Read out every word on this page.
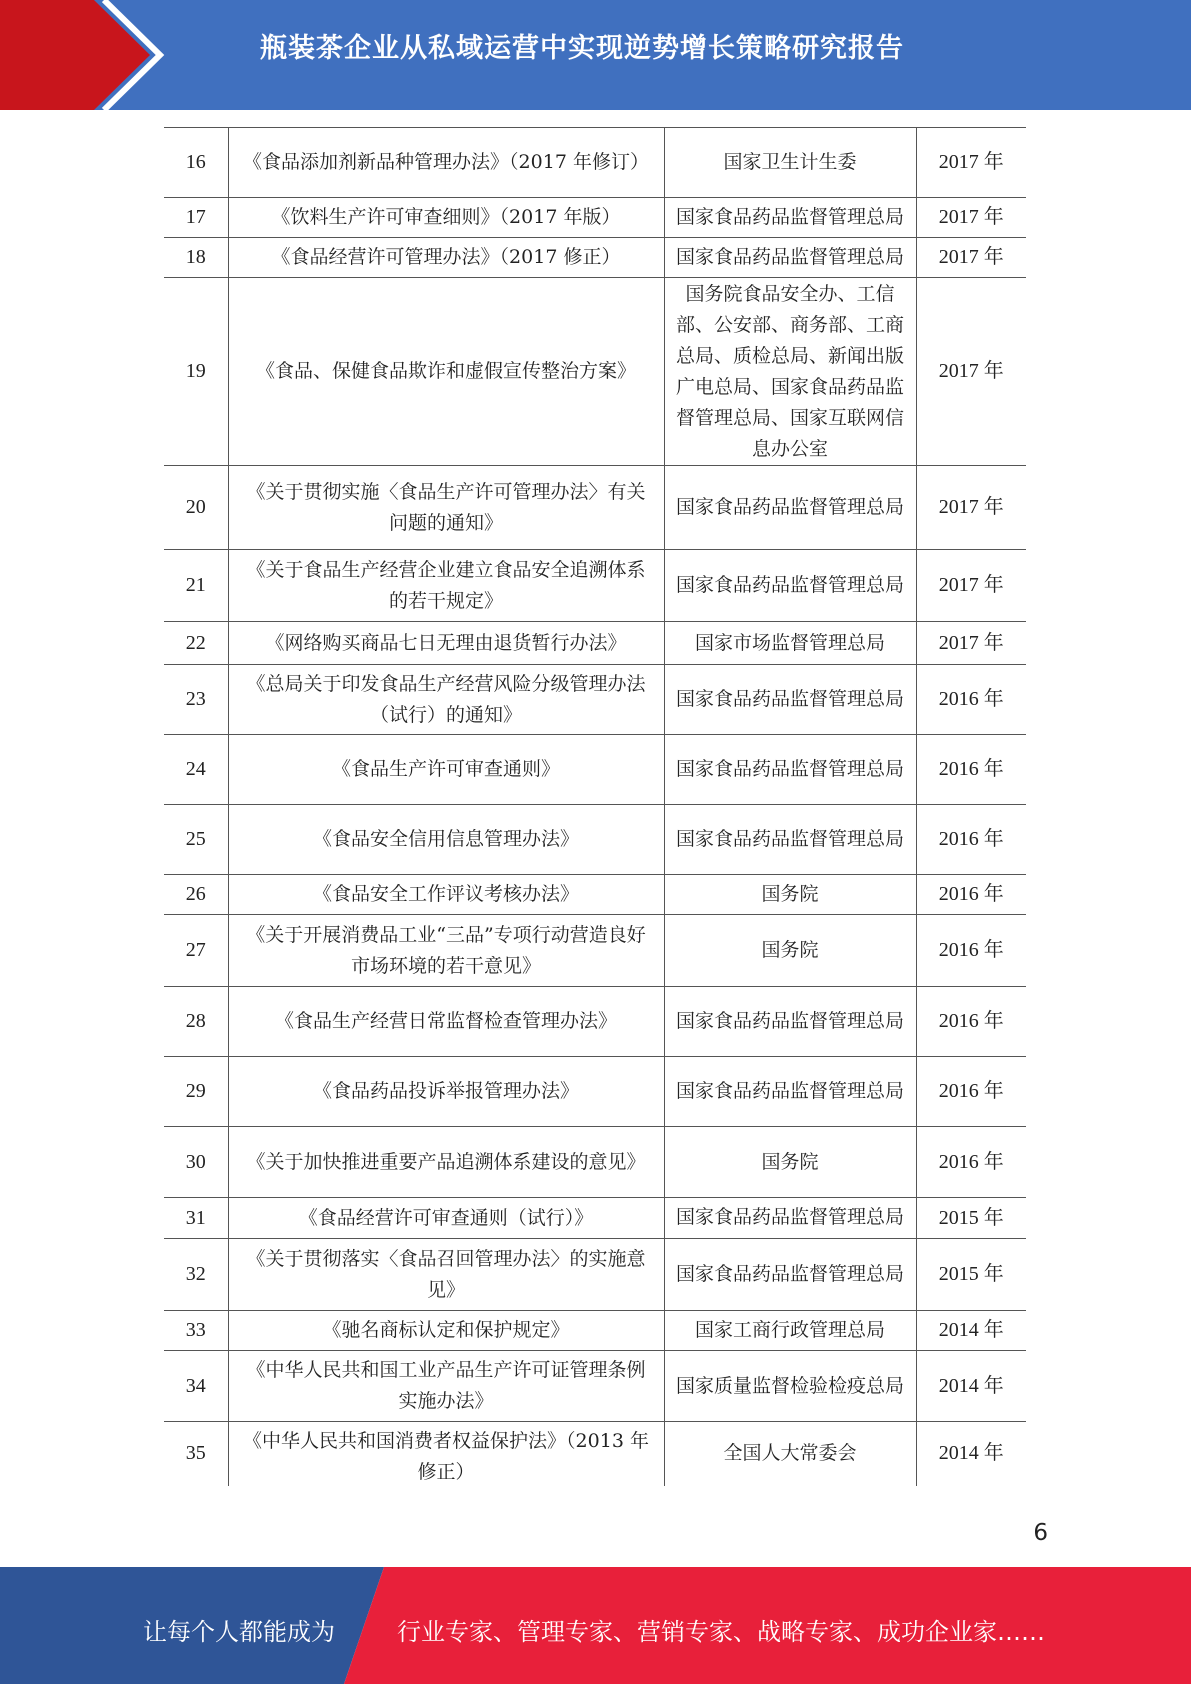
瓶装茶企业从私域运营中实现逆势增长策略研究报告
16	《食品添加剂新品种管理办法》（2017 年修订）	国家卫生计生委	2017 年

17	《饮料生产许可审查细则》（2017 年版）	国家食品药品监督管理总局	2017 年

18	《食品经营许可管理办法》（2017 修正）	国家食品药品监督管理总局	2017 年

19	《食品、保健食品欺诈和虚假宣传整治方案》	国务院食品安全办、工信部、公安部、商务部、工商总局、质检总局、新闻出版广电总局、国家食品药品监督管理总局、国家互联网信息办公室	2017 年

20	《关于贯彻实施〈食品生产许可管理办法〉有关问题的通知》	国家食品药品监督管理总局	2017 年

21	《关于食品生产经营企业建立食品安全追溯体系的若干规定》	国家食品药品监督管理总局	2017 年

22	《网络购买商品七日无理由退货暂行办法》	国家市场监督管理总局	2017 年

23	《总局关于印发食品生产经营风险分级管理办法（试行）的通知》	国家食品药品监督管理总局	2016 年

24	《食品生产许可审查通则》	国家食品药品监督管理总局	2016 年

25	《食品安全信用信息管理办法》	国家食品药品监督管理总局	2016 年

26	《食品安全工作评议考核办法》	国务院	2016 年

27	《关于开展消费品工业“三品”专项行动营造良好市场环境的若干意见》	国务院	2016 年

28	《食品生产经营日常监督检查管理办法》	国家食品药品监督管理总局	2016 年

29	《食品药品投诉举报管理办法》	国家食品药品监督管理总局	2016 年

30	《关于加快推进重要产品追溯体系建设的意见》	国务院	2016 年

31	《食品经营许可审查通则（试行）》	国家食品药品监督管理总局	2015 年

32	《关于贯彻落实〈食品召回管理办法〉的实施意见》	国家食品药品监督管理总局	2015 年

33	《驰名商标认定和保护规定》	国家工商行政管理总局	2014 年

34	《中华人民共和国工业产品生产许可证管理条例实施办法》	国家质量监督检验检疫总局	2014 年

35	《中华人民共和国消费者权益保护法》（2013 年修正）	全国人大常委会	2014 年
6
让每个人都能成为	行业专家、管理专家、营销专家、战略专家、成功企业家……
